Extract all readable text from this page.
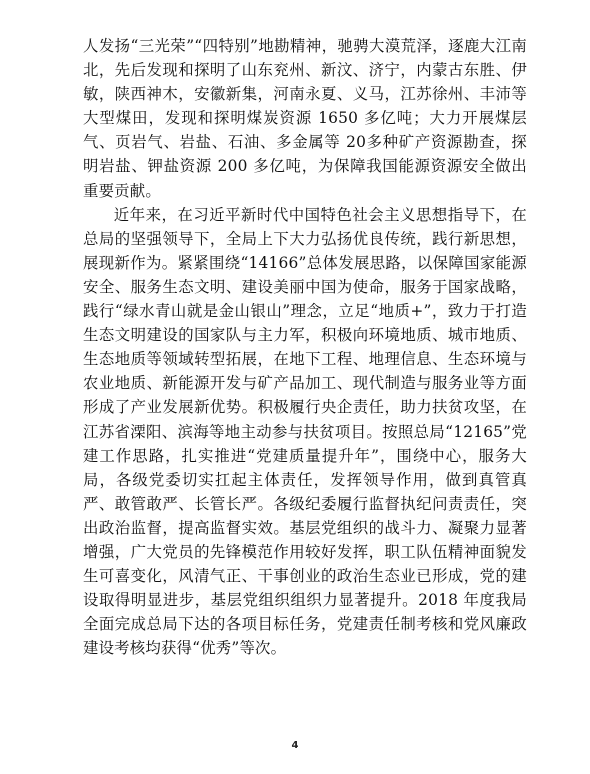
人发扬“三光荣”“四特别”地勘精神，驰骋大漠荒泽，逐鹿大江南北，先后发现和探明了山东兖州、新汶、济宁，内蒙古东胜、伊敏，陕西神木，安徽新集，河南永夏、义马，江苏徐州、丰沛等大型煤田，发现和探明煤炭资源 1650 多亿吨；大力开展煤层气、页岩气、岩盐、石油、多金属等 20多种矿产资源勘查，探明岩盐、钾盐资源 200 多亿吨，为保障我国能源资源安全做出重要贡献。

近年来，在习近平新时代中国特色社会主义思想指导下，在总局的坚强领导下，全局上下大力弘扬优良传统，践行新思想，展现新作为。紧紧围绕“14166”总体发展思路，以保障国家能源安全、服务生态文明、建设美丽中国为使命，服务于国家战略，践行“绿水青山就是金山银山”理念，立足“地质+”，致力于打造生态文明建设的国家队与主力军，积极向环境地质、城市地质、生态地质等领域转型拓展，在地下工程、地理信息、生态环境与农业地质、新能源开发与矿产品加工、现代制造与服务业等方面形成了产业发展新优势。积极履行央企责任，助力扶贫攻坚，在江苏省溧阳、滨海等地主动参与扶贫项目。按照总局“12165”党建工作思路，扎实推进“党建质量提升年”，围绕中心，服务大局，各级党委切实扛起主体责任，发挥领导作用，做到真管真严、敢管敢严、长管长严。各级纪委履行监督执纪问责责任，突出政治监督，提高监督实效。基层党组织的战斗力、凝聚力显著增强，广大党员的先锋模范作用较好发挥，职工队伍精神面貌发生可喜变化，风清气正、干事创业的政治生态业已形成，党的建设取得明显进步，基层党组织组织力显著提升。2018 年度我局全面完成总局下达的各项目标任务，党建责任制考核和党风廉政建设考核均获得“优秀”等次。

4
